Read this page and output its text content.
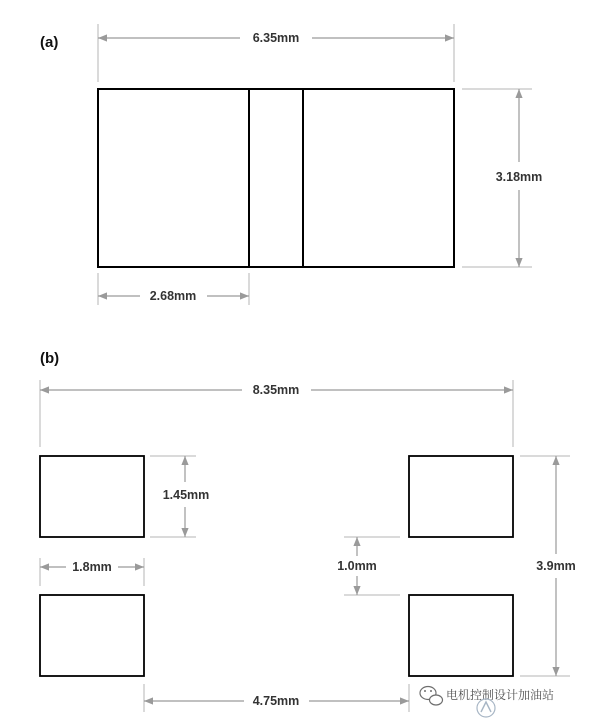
(a)	6.35mm
3.18mm
2.68mm
(b)
8.35mm
1.45mm
1.8mm	1.0mm	3.9mm
4.75mm	电机控制设计加油站
